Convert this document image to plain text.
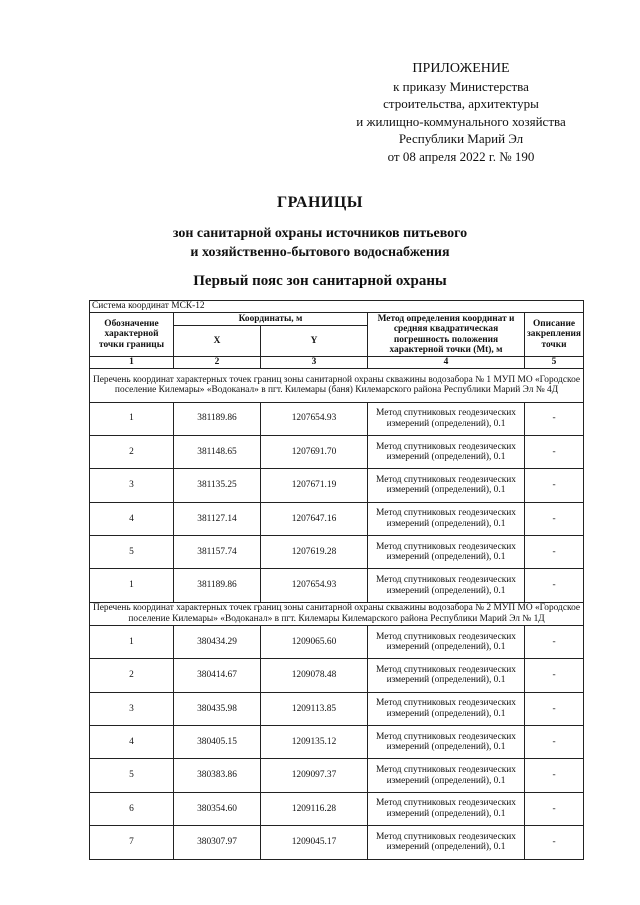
ПРИЛОЖЕНИЕ
к приказу Министерства
строительства, архитектуры
и жилищно-коммунального хозяйства
Республики Марий Эл
от 08 апреля 2022 г. № 190
ГРАНИЦЫ
зон санитарной охраны источников питьевого
и хозяйственно-бытового водоснабжения
Первый пояс зон санитарной охраны
Система координат МСК-12				
Обозначение характерной точки границы	Координаты, м		Метод определения координат и средняя квадратическая погрешность положения характерной точки (Mt), м	Описание закрепления точки
	X	Y		
1	2	3	4	5
Перечень координат характерных точек границ зоны санитарной охраны скважины водозабора № 1 МУП МО «Городское поселение Килемары» «Водоканал» в пгт. Килемары (баня) Килемарского района Республики Марий Эл № 4Д				
1	381189.86	1207654.93	Метод спутниковых геодезических измерений (определений), 0.1	-
2	381148.65	1207691.70	Метод спутниковых геодезических измерений (определений), 0.1	-
3	381135.25	1207671.19	Метод спутниковых геодезических измерений (определений), 0.1	-
4	381127.14	1207647.16	Метод спутниковых геодезических измерений (определений), 0.1	-
5	381157.74	1207619.28	Метод спутниковых геодезических измерений (определений), 0.1	-
1	381189.86	1207654.93	Метод спутниковых геодезических измерений (определений), 0.1	-
Перечень координат характерных точек границ зоны санитарной охраны скважины водозабора № 2 МУП МО «Городское поселение Килемары» «Водоканал» в пгт. Килемары Килемарского района Республики Марий Эл № 1Д				
1	380434.29	1209065.60	Метод спутниковых геодезических измерений (определений), 0.1	-
2	380414.67	1209078.48	Метод спутниковых геодезических измерений (определений), 0.1	-
3	380435.98	1209113.85	Метод спутниковых геодезических измерений (определений), 0.1	-
4	380405.15	1209135.12	Метод спутниковых геодезических измерений (определений), 0.1	-
5	380383.86	1209097.37	Метод спутниковых геодезических измерений (определений), 0.1	-
6	380354.60	1209116.28	Метод спутниковых геодезических измерений (определений), 0.1	-
7	380307.97	1209045.17	Метод спутниковых геодезических измерений (определений), 0.1	-
